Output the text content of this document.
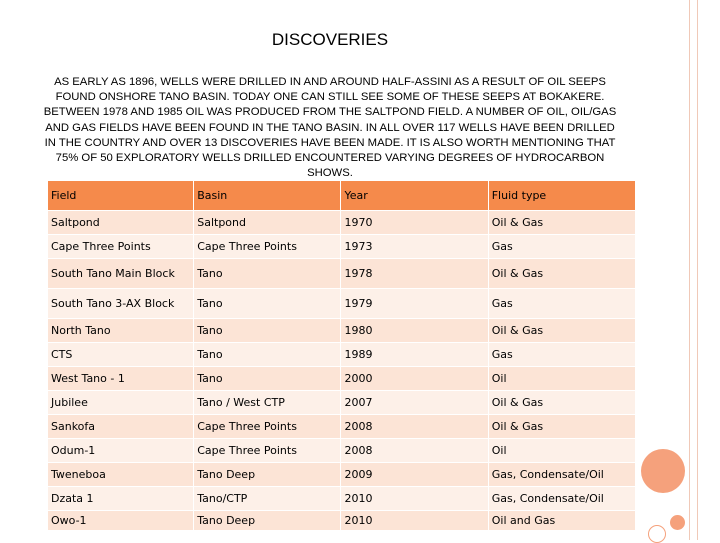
DISCOVERIES

AS EARLY AS 1896, WELLS WERE DRILLED IN AND AROUND HALF-ASSINI AS A RESULT OF OIL SEEPS FOUND ONSHORE TANO BASIN. TODAY ONE CAN STILL SEE SOME OF THESE SEEPS AT BOKAKERE. BETWEEN 1978 AND 1985 OIL WAS PRODUCED FROM THE SALTPOND FIELD. A NUMBER OF OIL, OIL/GAS AND GAS FIELDS HAVE BEEN FOUND IN THE TANO BASIN. IN ALL OVER 117 WELLS HAVE BEEN DRILLED IN THE COUNTRY AND OVER 13 DISCOVERIES HAVE BEEN MADE. IT IS ALSO WORTH MENTIONING THAT 75% OF 50 EXPLORATORY WELLS DRILLED ENCOUNTERED VARYING DEGREES OF HYDROCARBON SHOWS.

Field	Basin	Year	Fluid type
Saltpond	Saltpond	1970	Oil & Gas
Cape Three Points	Cape Three Points	1973	Gas
South Tano Main Block	Tano	1978	Oil & Gas
South Tano 3-AX Block	Tano	1979	Gas
North Tano	Tano	1980	Oil & Gas
CTS	Tano	1989	Gas
West Tano - 1	Tano	2000	Oil
Jubilee	Tano / West CTP	2007	Oil & Gas
Sankofa	Cape Three Points	2008	Oil & Gas
Odum-1	Cape Three Points	2008	Oil
Tweneboa	Tano Deep	2009	Gas, Condensate/Oil
Dzata 1	Tano/CTP	2010	Gas, Condensate/Oil
Owo-1	Tano Deep	2010	Oil and Gas
